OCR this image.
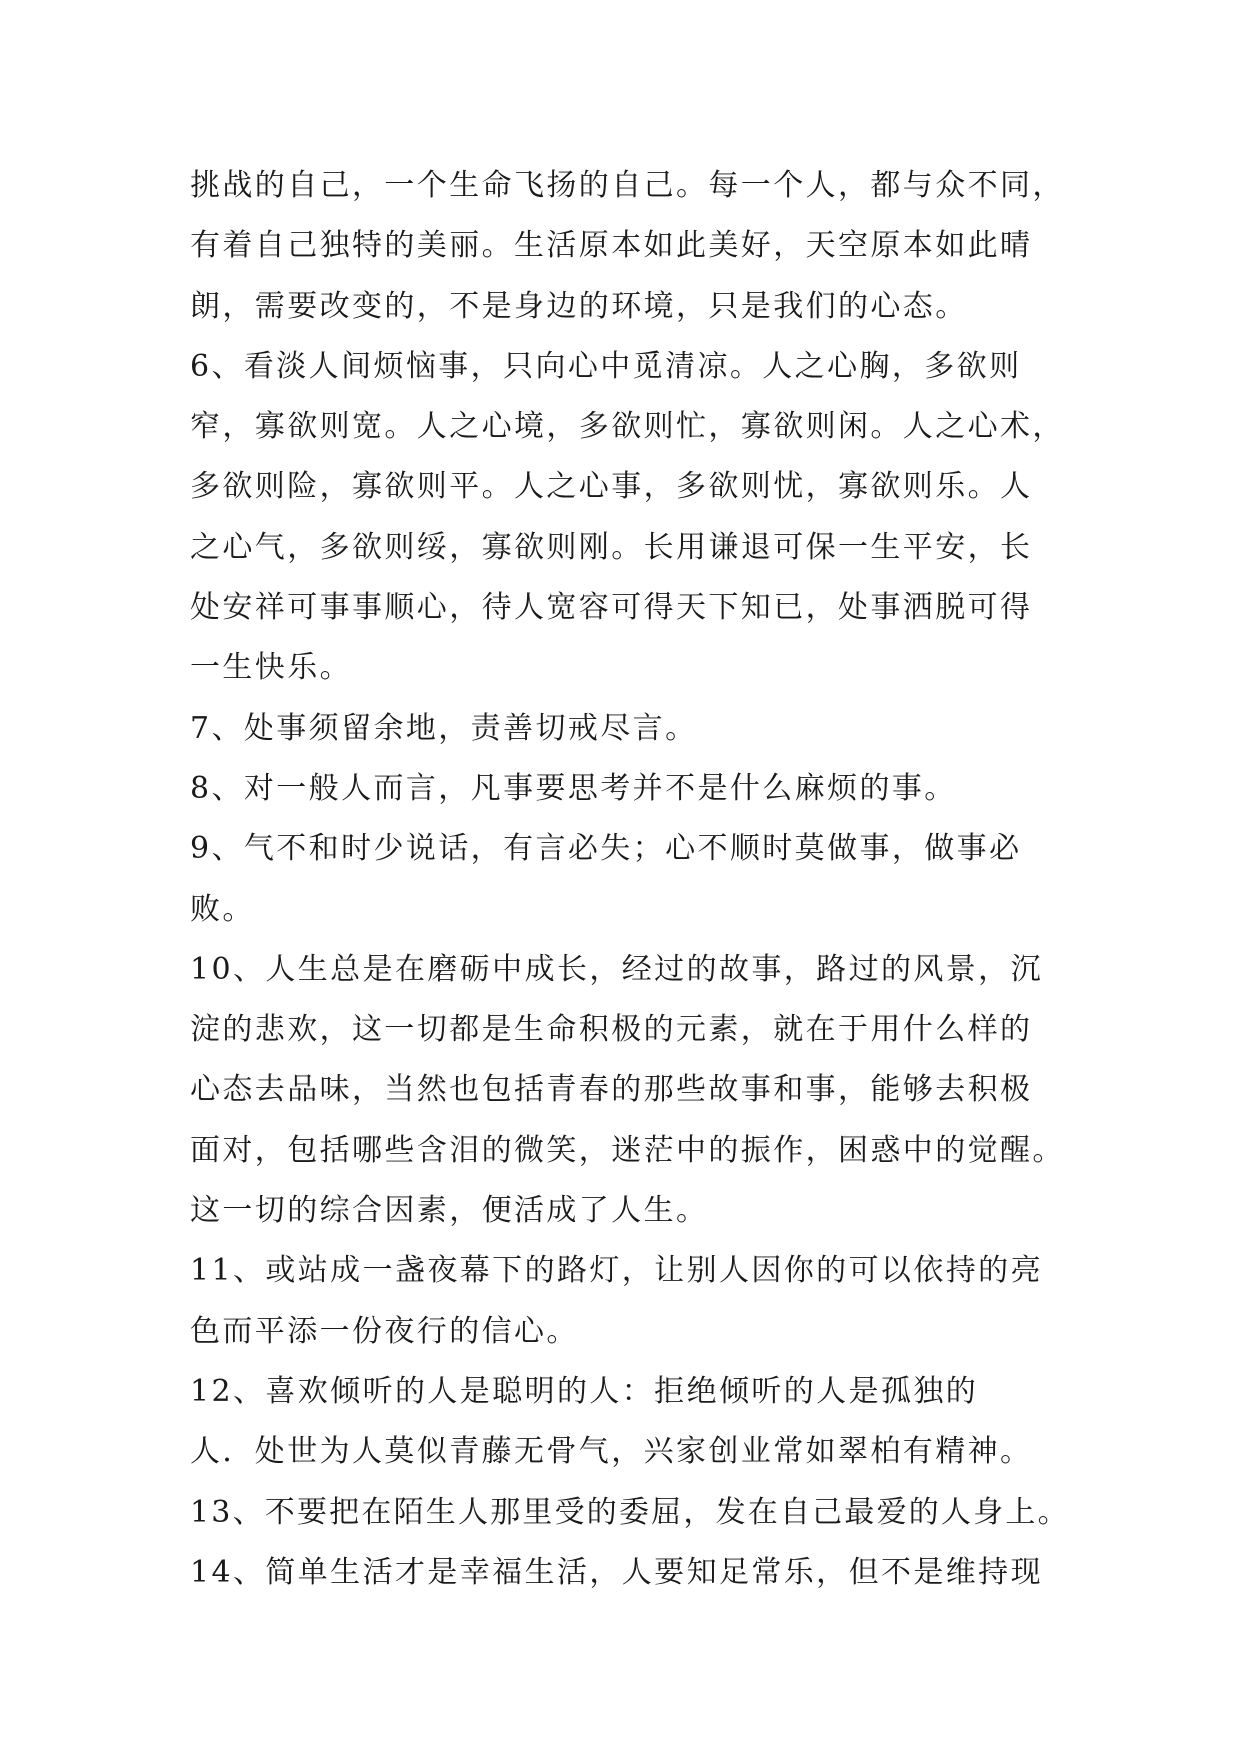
挑战的自己，一个生命飞扬的自己。每一个人，都与众不同，
有着自己独特的美丽。生活原本如此美好，天空原本如此晴
朗，需要改变的，不是身边的环境，只是我们的心态。
6、看淡人间烦恼事，只向心中觅清凉。人之心胸，多欲则
窄，寡欲则宽。人之心境，多欲则忙，寡欲则闲。人之心术，
多欲则险，寡欲则平。人之心事，多欲则忧，寡欲则乐。人
之心气，多欲则绥，寡欲则刚。长用谦退可保一生平安，长
处安祥可事事顺心，待人宽容可得天下知已，处事洒脱可得
一生快乐。
7、处事须留余地，责善切戒尽言。
8、对一般人而言，凡事要思考并不是什么麻烦的事。
9、气不和时少说话，有言必失；心不顺时莫做事，做事必
败。
10、人生总是在磨砺中成长，经过的故事，路过的风景，沉
淀的悲欢，这一切都是生命积极的元素，就在于用什么样的
心态去品味，当然也包括青春的那些故事和事，能够去积极
面对，包括哪些含泪的微笑，迷茫中的振作，困惑中的觉醒。
这一切的综合因素，便活成了人生。
11、或站成一盏夜幕下的路灯，让别人因你的可以依持的亮
色而平添一份夜行的信心。
12、喜欢倾听的人是聪明的人：拒绝倾听的人是孤独的
人．处世为人莫似青藤无骨气，兴家创业常如翠柏有精神。
13、不要把在陌生人那里受的委屈，发在自己最爱的人身上。
14、简单生活才是幸福生活，人要知足常乐，但不是维持现
